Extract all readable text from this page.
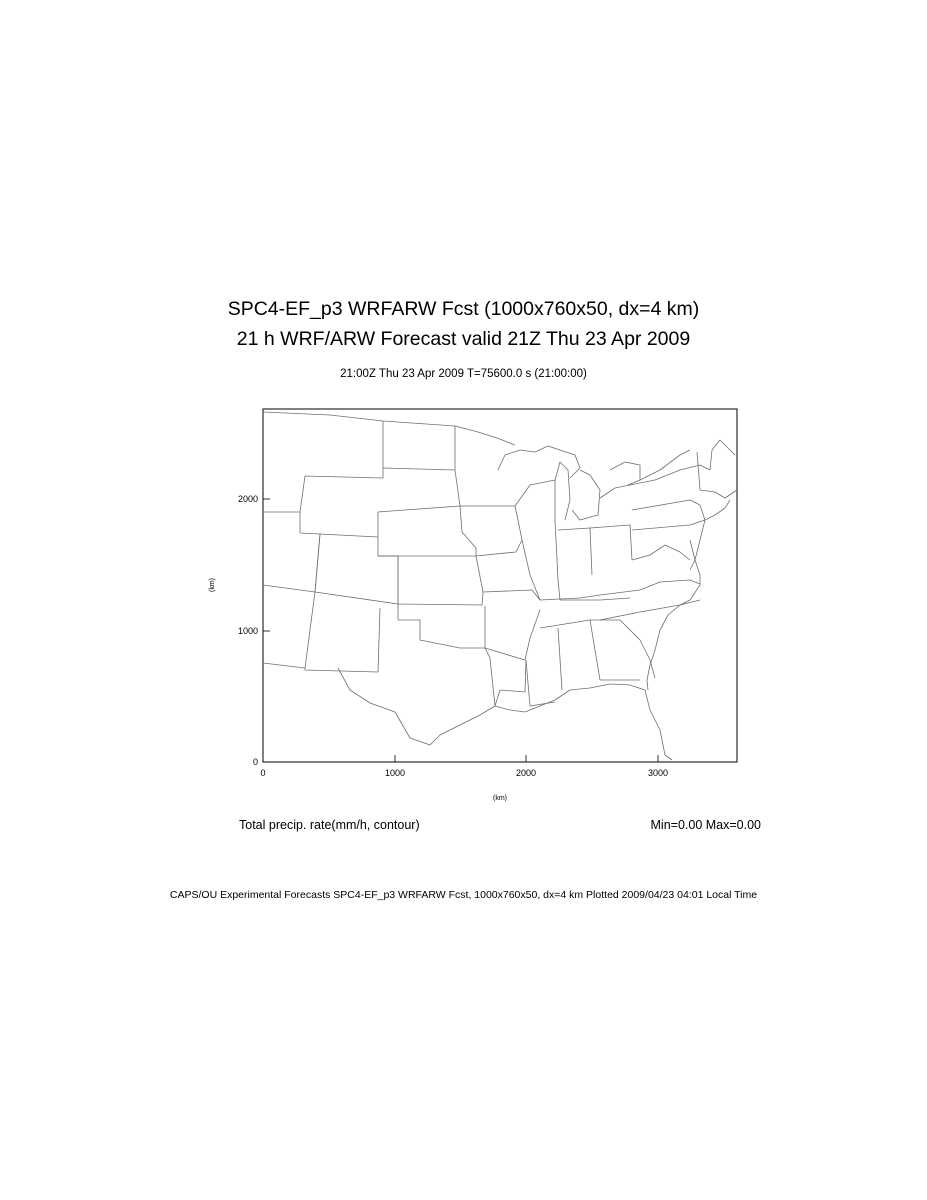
SPC4-EF_p3 WRFARW Fcst (1000x760x50, dx=4 km)
21 h WRF/ARW Forecast valid 21Z Thu 23 Apr 2009
21:00Z Thu 23 Apr 2009 T=75600.0 s (21:00:00)
0	1000	2000	3000
0
1000
2000
(km)
(km)
Total precip. rate(mm/h, contour)	Min=0.00 Max=0.00
CAPS/OU Experimental Forecasts SPC4-EF_p3 WRFARW Fcst, 1000x760x50, dx=4 km Plotted 2009/04/23 04:01 Local Time
